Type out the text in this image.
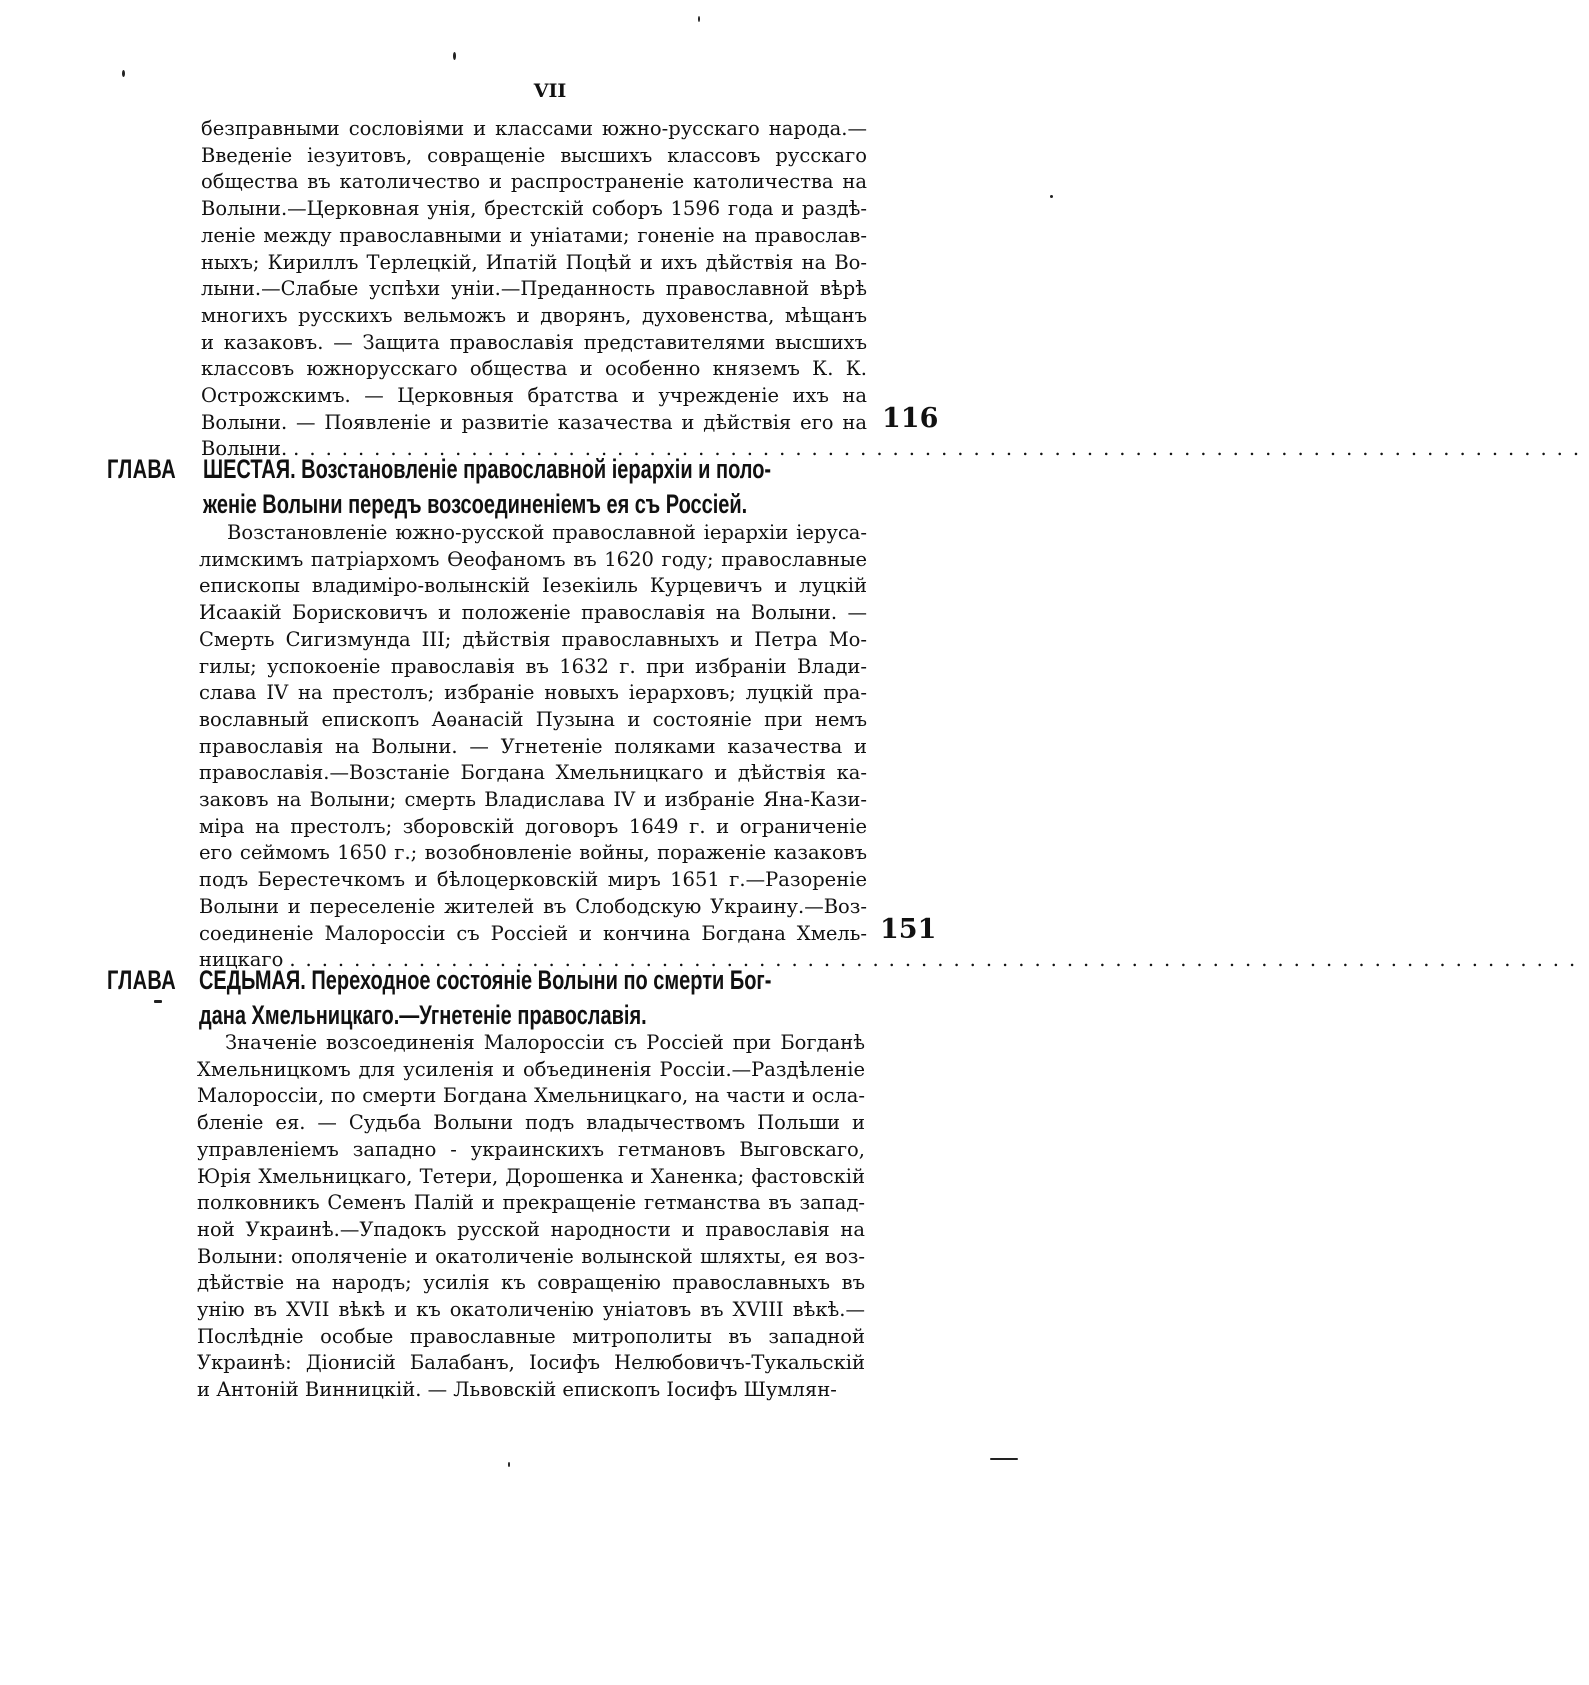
VII
безправными сословіями и классами южно-русскаго народа.—
Введеніе іезуитовъ, совращеніе высшихъ классовъ русскаго
общества въ католичество и распространеніе католичества на
Волыни.—Церковная унія, брестскій соборъ 1596 года и раздѣ-
леніе между православными и уніатами; гоненіе на православ-
ныхъ; Кириллъ Терлецкій, Ипатій Поцѣй и ихъ дѣйствія на Во-
лыни.—Слабые успѣхи уніи.—Преданность православной вѣрѣ
многихъ русскихъ вельможъ и дворянъ, духовенства, мѣщанъ
и казаковъ. — Защита православія представителями высшихъ
классовъ южнорусскаго общества и особенно княземъ К. К.
Острожскимъ. — Церковныя братства и учрежденіе ихъ на
Волыни. — Появленіе и развитіе казачества и дѣйствія его на
Волыни. ................................................................................
116
ГЛАВА ШЕСТАЯ. Возстановленіе православной іерархіи и поло-
женіе Волыни передъ возсоединеніемъ ея съ Россіей.
Возстановленіе южно-русской православной іерархіи іеруса-
лимскимъ патріархомъ Ѳеофаномъ въ 1620 году; православные
епископы владиміро-волынскій Іезекіиль Курцевичъ и луцкій
Исаакій Борисковичъ и положеніе православія на Волыни. —
Смерть Сигизмунда III; дѣйствія православныхъ и Петра Мо-
гилы; успокоеніе православія въ 1632 г. при избраніи Влади-
слава IV на престолъ; избраніе новыхъ іерарховъ; луцкій пра-
вославный епископъ Аѳанасій Пузына и состояніе при немъ
православія на Волыни. — Угнетеніе поляками казачества и
православія.—Возстаніе Богдана Хмельницкаго и дѣйствія ка-
заковъ на Волыни; смерть Владислава IV и избраніе Яна-Кази-
міра на престолъ; зборовскій договоръ 1649 г. и ограниченіе
его сеймомъ 1650 г.; возобновленіе войны, пораженіе казаковъ
подъ Берестечкомъ и бѣлоцерковскій миръ 1651 г.—Разореніе
Волыни и переселеніе жителей въ Слободскую Украину.—Воз-
соединеніе Малороссіи съ Россіей и кончина Богдана Хмель-
ницкаго ................................................................................
151
ГЛАВА СЕДЬМАЯ. Переходное состояніе Волыни по смерти Бог-
дана Хмельницкаго.—Угнетеніе православія.
Значеніе возсоединенія Малороссіи съ Россіей при Богданѣ
Хмельницкомъ для усиленія и объединенія Россіи.—Раздѣленіе
Малороссіи, по смерти Богдана Хмельницкаго, на части и осла-
бленіе ея. — Судьба Волыни подъ владычествомъ Польши и
управленіемъ западно - украинскихъ гетмановъ Выговскаго,
Юрія Хмельницкаго, Тетери, Дорошенка и Ханенка; фастовскій
полковникъ Семенъ Палій и прекращеніе гетманства въ запад-
ной Украинѣ.—Упадокъ русской народности и православія на
Волыни: ополяченіе и окатоличеніе волынской шляхты, ея воз-
дѣйствіе на народъ; усилія къ совращенію православныхъ въ
унію въ XVII вѣкѣ и къ окатоличенію уніатовъ въ XVIII вѣкѣ.—
Послѣдніе особые православные митрополиты въ западной
Украинѣ: Діонисій Балабанъ, Іосифъ Нелюбовичъ-Тукальскій
и Антоній Винницкій. — Львовскій епископъ Іосифъ Шумлян-
